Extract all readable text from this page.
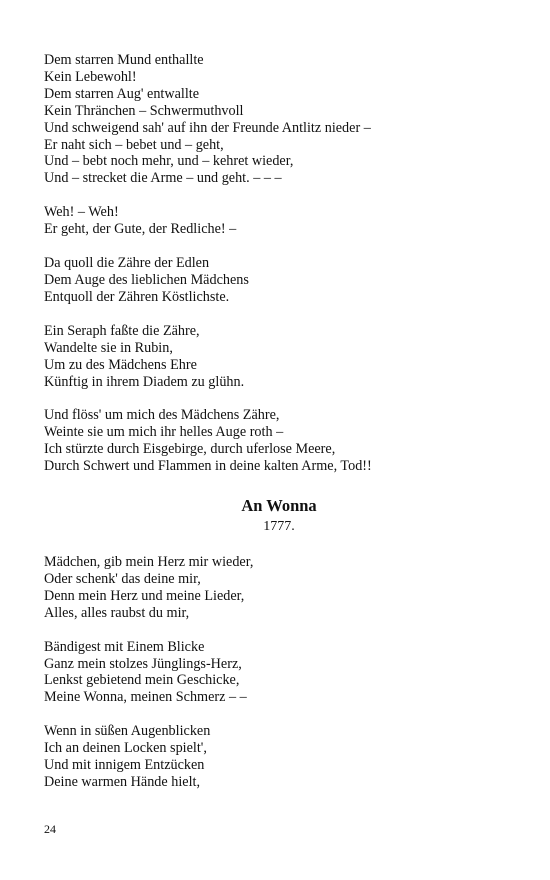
Dem starren Mund enthallte
Kein Lebewohl!
Dem starren Aug' entwallte
Kein Thränchen – Schwermuthvoll
Und schweigend sah' auf ihn der Freunde Antlitz nieder –
Er naht sich – bebet und – geht,
Und – bebt noch mehr, und – kehret wieder,
Und – strecket die Arme – und geht. – – –
Weh! – Weh!
Er geht, der Gute, der Redliche! –
Da quoll die Zähre der Edlen
Dem Auge des lieblichen Mädchens
Entquoll der Zähren Köstlichste.
Ein Seraph faßte die Zähre,
Wandelte sie in Rubin,
Um zu des Mädchens Ehre
Künftig in ihrem Diadem zu glühn.
Und flöss' um mich des Mädchens Zähre,
Weinte sie um mich ihr helles Auge roth –
Ich stürzte durch Eisgebirge, durch uferlose Meere,
Durch Schwert und Flammen in deine kalten Arme, Tod!!
An Wonna
1777.
Mädchen, gib mein Herz mir wieder,
Oder schenk' das deine mir,
Denn mein Herz und meine Lieder,
Alles, alles raubst du mir,
Bändigest mit Einem Blicke
Ganz mein stolzes Jünglings-Herz,
Lenkst gebietend mein Geschicke,
Meine Wonna, meinen Schmerz – –
Wenn in süßen Augenblicken
Ich an deinen Locken spielt',
Und mit innigem Entzücken
Deine warmen Hände hielt,
24
